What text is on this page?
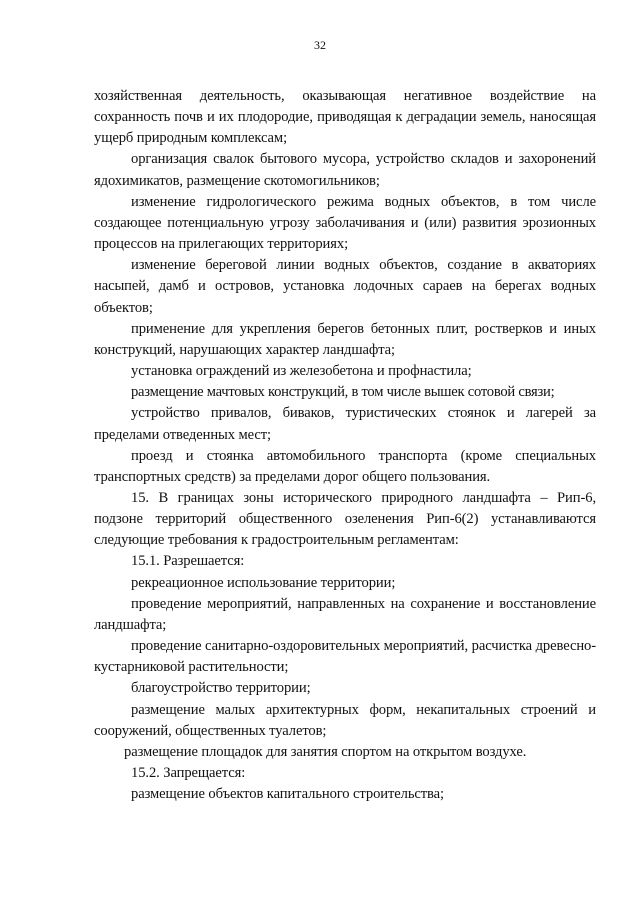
32

хозяйственная деятельность, оказывающая негативное воздействие на сохранность почв и их плодородие, приводящая к деградации земель, наносящая ущерб природным комплексам;

организация свалок бытового мусора, устройство складов и захоронений ядохимикатов, размещение скотомогильников;

изменение гидрологического режима водных объектов, в том числе создающее потенциальную угрозу заболачивания и (или) развития эрозионных процессов на прилегающих территориях;

изменение береговой линии водных объектов, создание в акваториях насыпей, дамб и островов, установка лодочных сараев на берегах водных объектов;

применение для укрепления берегов бетонных плит, ростверков и иных конструкций, нарушающих характер ландшафта;

установка ограждений из железобетона и профнастила;

размещение мачтовых конструкций, в том числе вышек сотовой связи;

устройство привалов, биваков, туристических стоянок и лагерей за пределами отведенных мест;

проезд и стоянка автомобильного транспорта (кроме специальных транспортных средств) за пределами дорог общего пользования.

15. В границах зоны исторического природного ландшафта – Рип-6, подзоне территорий общественного озеленения Рип-6(2) устанавливаются следующие требования к градостроительным регламентам:

15.1. Разрешается:

рекреационное использование территории;

проведение мероприятий, направленных на сохранение и восстановление ландшафта;

проведение санитарно-оздоровительных мероприятий, расчистка древесно-кустарниковой растительности;

благоустройство территории;

размещение малых архитектурных форм, некапитальных строений и сооружений, общественных туалетов;

размещение площадок для занятия спортом на открытом воздухе.

15.2. Запрещается:

размещение объектов капитального строительства;
